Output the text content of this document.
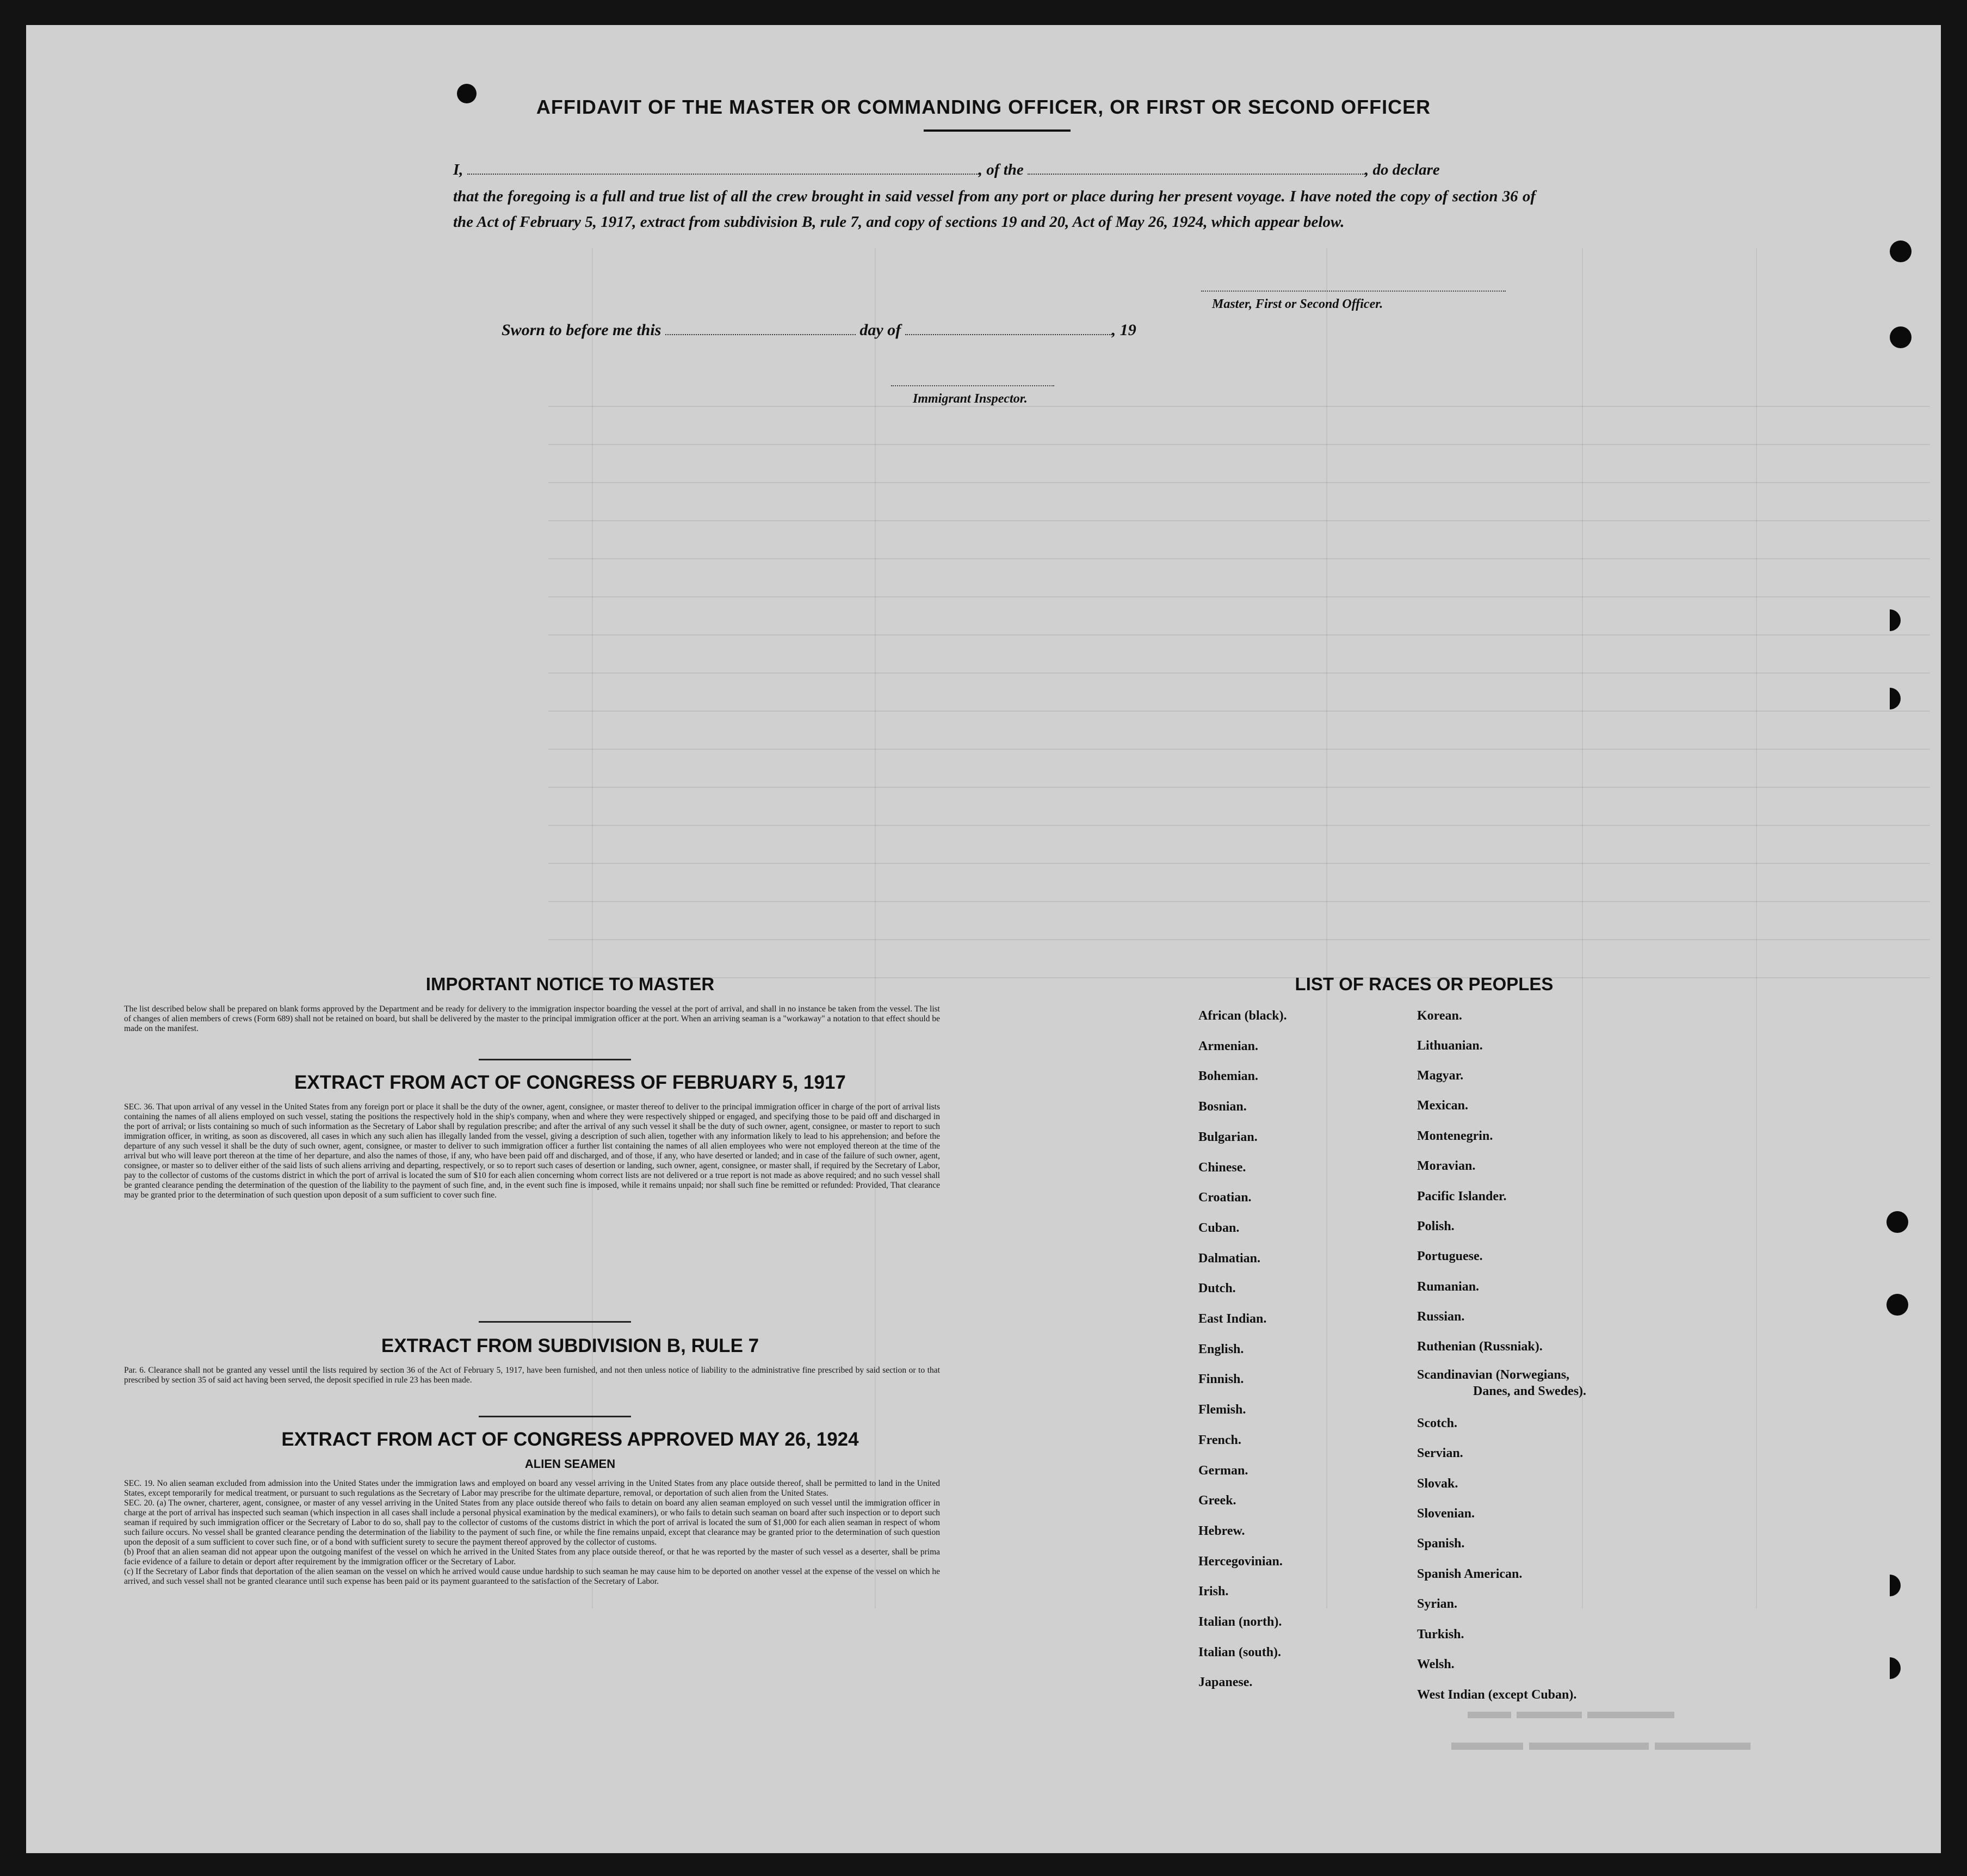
AFFIDAVIT OF THE MASTER OR COMMANDING OFFICER, OR FIRST OR SECOND OFFICER
I,	, of the	, do declare
that the foregoing is a full and true list of all the crew brought in said vessel from any port or place during her present voyage. I have noted the copy of section 36 of the Act of February 5, 1917, extract from subdivision B, rule 7, and copy of sections 19 and 20, Act of May 26, 1924, which appear below.
Master, First or Second Officer.
Sworn to before me this	day of	, 19
Immigrant Inspector.
IMPORTANT NOTICE TO MASTER
The list described below shall be prepared on blank forms approved by the Department and be ready for delivery to the immigration inspector boarding the vessel at the port of arrival, and shall in no instance be taken from the vessel. The list of changes of alien members of crews (Form 689) shall not be retained on board, but shall be delivered by the master to the principal immigration officer at the port. When an arriving seaman is a "workaway" a notation to that effect should be made on the manifest.
EXTRACT FROM ACT OF CONGRESS OF FEBRUARY 5, 1917
SEC. 36. That upon arrival of any vessel in the United States from any foreign port or place it shall be the duty of the owner, agent, consignee, or master thereof to deliver to the principal immigration officer in charge of the port of arrival lists containing the names of all aliens employed on such vessel, stating the positions the respectively hold in the ship's company, when and where they were respectively shipped or engaged, and specifying those to be paid off and discharged in the port of arrival; or lists containing so much of such information as the Secretary of Labor shall by regulation prescribe; and after the arrival of any such vessel it shall be the duty of such owner, agent, consignee, or master to report to such immigration officer, in writing, as soon as discovered, all cases in which any such alien has illegally landed from the vessel, giving a description of such alien, together with any information likely to lead to his apprehension; and before the departure of any such vessel it shall be the duty of such owner, agent, consignee, or master to deliver to such immigration officer a further list containing the names of all alien employees who were not employed thereon at the time of the arrival but who will leave port thereon at the time of her departure, and also the names of those, if any, who have been paid off and discharged, and of those, if any, who have deserted or landed; and in case of the failure of such owner, agent, consignee, or master so to deliver either of the said lists of such aliens arriving and departing, respectively, or so to report such cases of desertion or landing, such owner, agent, consignee, or master shall, if required by the Secretary of Labor, pay to the collector of customs of the customs district in which the port of arrival is located the sum of $10 for each alien concerning whom correct lists are not delivered or a true report is not made as above required; and no such vessel shall be granted clearance pending the determination of the question of the liability to the payment of such fine, and, in the event such fine is imposed, while it remains unpaid; nor shall such fine be remitted or refunded: Provided, That clearance may be granted prior to the determination of such question upon deposit of a sum sufficient to cover such fine.
EXTRACT FROM SUBDIVISION B, RULE 7
Par. 6. Clearance shall not be granted any vessel until the lists required by section 36 of the Act of February 5, 1917, have been furnished, and not then unless notice of liability to the administrative fine prescribed by said section or to that prescribed by section 35 of said act having been served, the deposit specified in rule 23 has been made.
EXTRACT FROM ACT OF CONGRESS APPROVED MAY 26, 1924
ALIEN SEAMEN
SEC. 19. No alien seaman excluded from admission into the United States under the immigration laws and employed on board any vessel arriving in the United States from any place outside thereof, shall be permitted to land in the United States, except temporarily for medical treatment, or pursuant to such regulations as the Secretary of Labor may prescribe for the ultimate departure, removal, or deportation of such alien from the United States.
SEC. 20. (a) The owner, charterer, agent, consignee, or master of any vessel arriving in the United States from any place outside thereof who fails to detain on board any alien seaman employed on such vessel until the immigration officer in charge at the port of arrival has inspected such seaman (which inspection in all cases shall include a personal physical examination by the medical examiners), or who fails to detain such seaman on board after such inspection or to deport such seaman if required by such immigration officer or the Secretary of Labor to do so, shall pay to the collector of customs of the customs district in which the port of arrival is located the sum of $1,000 for each alien seaman in respect of whom such failure occurs. No vessel shall be granted clearance pending the determination of the liability to the payment of such fine, or while the fine remains unpaid, except that clearance may be granted prior to the determination of such question upon the deposit of a sum sufficient to cover such fine, or of a bond with sufficient surety to secure the payment thereof approved by the collector of customs.
(b) Proof that an alien seaman did not appear upon the outgoing manifest of the vessel on which he arrived in the United States from any place outside thereof, or that he was reported by the master of such vessel as a deserter, shall be prima facie evidence of a failure to detain or deport after requirement by the immigration officer or the Secretary of Labor.
(c) If the Secretary of Labor finds that deportation of the alien seaman on the vessel on which he arrived would cause undue hardship to such seaman he may cause him to be deported on another vessel at the expense of the vessel on which he arrived, and such vessel shall not be granted clearance until such expense has been paid or its payment guaranteed to the satisfaction of the Secretary of Labor.
LIST OF RACES OR PEOPLES
African (black).
Armenian.
Bohemian.
Bosnian.
Bulgarian.
Chinese.
Croatian.
Cuban.
Dalmatian.
Dutch.
East Indian.
English.
Finnish.
Flemish.
French.
German.
Greek.
Hebrew.
Hercegovinian.
Irish.
Italian (north).
Italian (south).
Japanese.
Korean.
Lithuanian.
Magyar.
Mexican.
Montenegrin.
Moravian.
Pacific Islander.
Polish.
Portuguese.
Rumanian.
Russian.
Ruthenian (Russniak).
Scandinavian (Norwegians,
Danes, and Swedes).
Scotch.
Servian.
Slovak.
Slovenian.
Spanish.
Spanish American.
Syrian.
Turkish.
Welsh.
West Indian (except Cuban).
▬▬ ▬▬▬ ▬▬▬▬
▬▬▬ ▬▬▬▬▬ ▬▬▬▬
